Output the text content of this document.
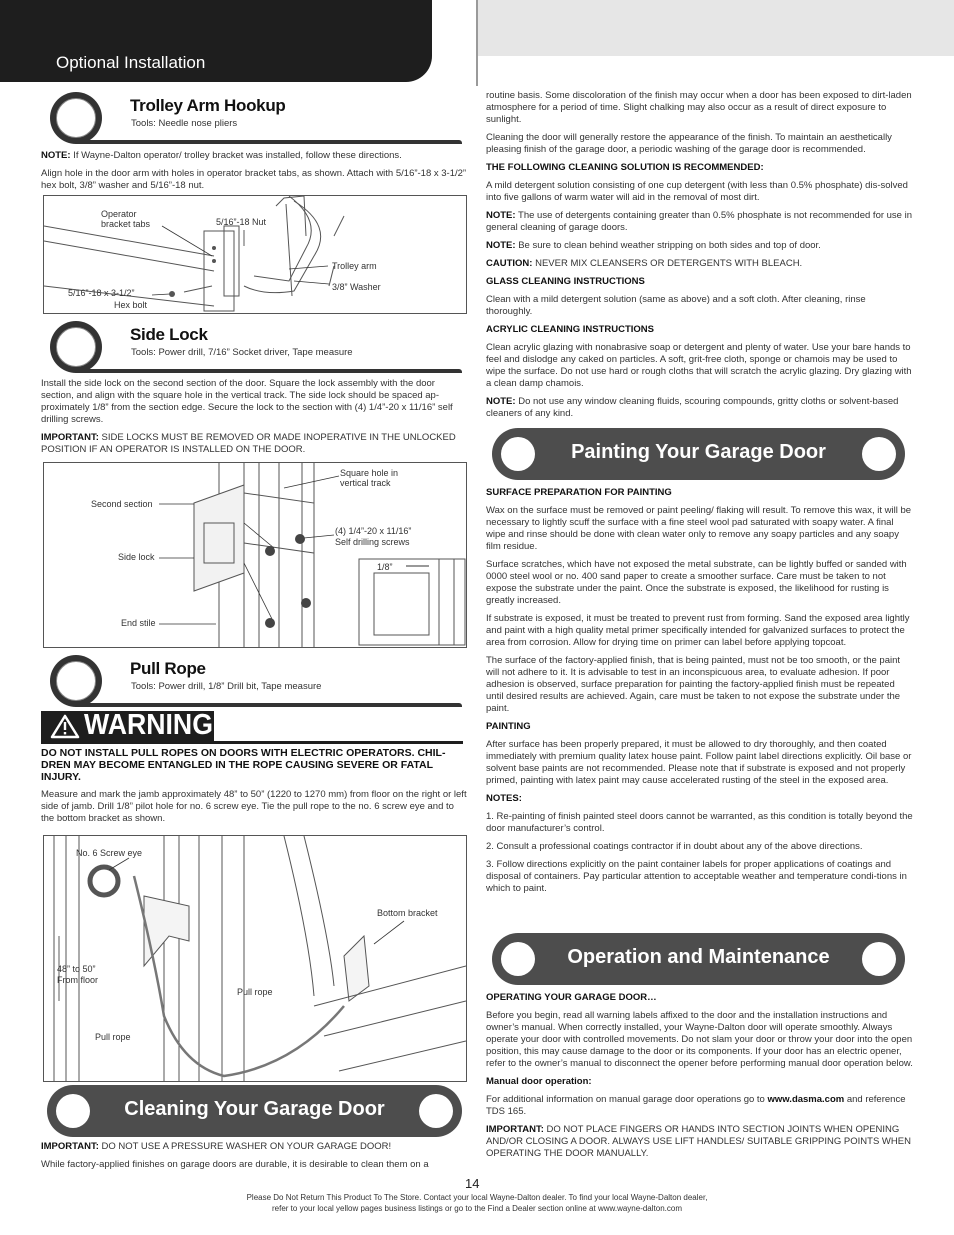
Optional Installation
Trolley Arm Hookup
Tools: Needle nose pliers

NOTE: If Wayne-Dalton operator/ trolley bracket was installed, follow these directions.

Align hole in the door arm with holes in operator bracket tabs, as shown. Attach with 5/16”-18 x 3-1/2” hex bolt, 3/8” washer and 5/16”-18 nut.

Operator
bracket tabs	5/16”-18 Nut
Trolley arm
3/8” Washer
5/16”-18 x 3-1/2”
Hex bolt
Side Lock
Tools: Power drill, 7/16” Socket driver, Tape measure

Install the side lock on the second section of the door. Square the lock assembly with the door section, and align with the square hole in the vertical track. The side lock should be spaced ap-proximately 1/8” from the section edge. Secure the lock to the section with (4) 1/4”-20 x 11/16” self drilling screws.

IMPORTANT: SIDE LOCKS MUST BE REMOVED OR MADE INOPERATIVE IN THE UNLOCKED POSITION IF AN OPERATOR IS INSTALLED ON THE DOOR.

Square hole in
vertical track
Second section
(4) 1/4”-20 x 11/16”
Self drilling screws
Side lock
1/8”
End stile
Pull Rope
Tools: Power drill, 1/8” Drill bit, Tape measure
WARNING

DO NOT INSTALL PULL ROPES ON DOORS WITH ELECTRIC OPERATORS. CHIL-DREN MAY BECOME ENTANGLED IN THE ROPE CAUSING SEVERE OR FATAL INJURY.

Measure and mark the jamb approximately 48” to 50” (1220 to 1270 mm) from floor on the right or left side of jamb. Drill 1/8” pilot hole for no. 6 screw eye. Tie the pull rope to the no. 6 screw eye and to the bottom bracket as shown.

No. 6 Screw eye
Bottom bracket
48” to 50”
From floor
Pull rope
Pull rope
Cleaning Your Garage Door

IMPORTANT: DO NOT USE A PRESSURE WASHER ON YOUR GARAGE DOOR!

While factory-applied finishes on garage doors are durable, it is desirable to clean them on a

routine basis. Some discoloration of the finish may occur when a door has been exposed to dirt-laden atmosphere for a period of time. Slight chalking may also occur as a result of direct exposure to sunlight.

Cleaning the door will generally restore the appearance of the finish. To maintain an aesthetically pleasing finish of the garage door, a periodic washing of the garage door is recommended.

THE FOLLOWING CLEANING SOLUTION IS RECOMMENDED:

A mild detergent solution consisting of one cup detergent (with less than 0.5% phosphate) dis-solved into five gallons of warm water will aid in the removal of most dirt.

NOTE: The use of detergents containing greater than 0.5% phosphate is not recommended for use in general cleaning of garage doors.

NOTE: Be sure to clean behind weather stripping on both sides and top of door.

CAUTION: NEVER MIX CLEANSERS OR DETERGENTS WITH BLEACH.

GLASS CLEANING INSTRUCTIONS

Clean with a mild detergent solution (same as above) and a soft cloth. After cleaning, rinse thoroughly.

ACRYLIC CLEANING INSTRUCTIONS

Clean acrylic glazing with nonabrasive soap or detergent and plenty of water. Use your bare hands to feel and dislodge any caked on particles. A soft, grit-free cloth, sponge or chamois may be used to wipe the surface. Do not use hard or rough cloths that will scratch the acrylic glazing. Dry glazing with a clean damp chamois.

NOTE: Do not use any window cleaning fluids, scouring compounds, gritty cloths or solvent-based cleaners of any kind.

Painting Your Garage Door

SURFACE PREPARATION FOR PAINTING

Wax on the surface must be removed or paint peeling/ flaking will result. To remove this wax, it will be necessary to lightly scuff the surface with a fine steel wool pad saturated with soapy water. A final wipe and rinse should be done with clean water only to remove any soapy particles and any soapy film residue.

Surface scratches, which have not exposed the metal substrate, can be lightly buffed or sanded with 0000 steel wool or no. 400 sand paper to create a smoother surface. Care must be taken to not expose the substrate under the paint. Once the substrate is exposed, the likelihood for rusting is greatly increased.

If substrate is exposed, it must be treated to prevent rust from forming. Sand the exposed area lightly and paint with a high quality metal primer specifically intended for galvanized surfaces to protect the area from corrosion. Allow for drying time on primer can label before applying topcoat.

The surface of the factory-applied finish, that is being painted, must not be too smooth, or the paint will not adhere to it. It is advisable to test in an inconspicuous area, to evaluate adhesion. If poor adhesion is observed, surface preparation for painting the factory-applied finish must be repeated until desired results are achieved. Again, care must be taken to not expose the substrate under the paint.

PAINTING

After surface has been properly prepared, it must be allowed to dry thoroughly, and then coated immediately with premium quality latex house paint. Follow paint label directions explicitly. Oil base or solvent base paints are not recommended. Please note that if substrate is exposed and not properly primed, painting with latex paint may cause accelerated rusting of the steel in the exposed area.

NOTES:

1. Re-painting of finish painted steel doors cannot be warranted, as this condition is totally beyond the door manufacturer’s control.

2. Consult a professional coatings contractor if in doubt about any of the above directions.

3. Follow directions explicitly on the paint container labels for proper applications of coatings and disposal of containers. Pay particular attention to acceptable weather and temperature condi-tions in which to paint.

Operation and Maintenance

OPERATING YOUR GARAGE DOOR…

Before you begin, read all warning labels affixed to the door and the installation instructions and owner’s manual. When correctly installed, your Wayne-Dalton door will operate smoothly. Always operate your door with controlled movements. Do not slam your door or throw your door into the open position, this may cause damage to the door or its components. If your door has an electric opener, refer to the owner’s manual to disconnect the opener before performing manual door operation below.

Manual door operation:

For additional information on manual garage door operations go to www.dasma.com and reference TDS 165.

IMPORTANT: DO NOT PLACE FINGERS OR HANDS INTO SECTION JOINTS WHEN OPENING AND/OR CLOSING A DOOR. ALWAYS USE LIFT HANDLES/ SUITABLE GRIPPING POINTS WHEN OPERATING THE DOOR MANUALLY.

14
Please Do Not Return This Product To The Store. Contact your local Wayne-Dalton dealer. To find your local Wayne-Dalton dealer,
refer to your local yellow pages business listings or go to the Find a Dealer section online at www.wayne-dalton.com
